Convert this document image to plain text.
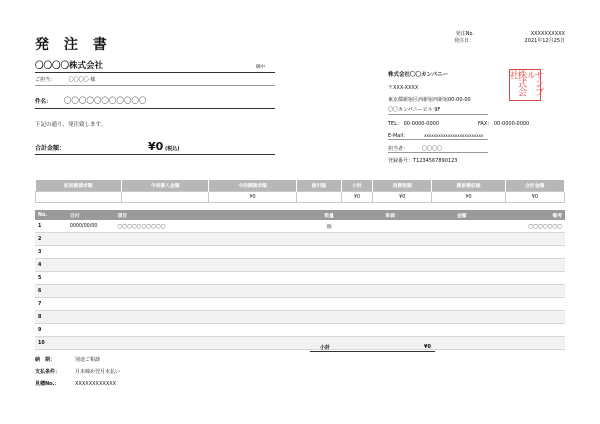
発 注 書
発注No.	XXXXXXXXXX
発注日：	2021年12月25日
〇〇〇〇株式会社	御中
ご担当：	〇〇〇〇 様
件名： 〇〇〇〇〇〇〇〇〇〇〇
下記の通り、発注致します。
合計金額：	¥0 (税込)
株式会社〇〇カンパニー
〒XXX-XXXX
東京都新宿区西新宿西新宿00-00-00
〇〇カンパニービル 9F
TEL： 00-0000-0000	FAX： 00-0000-0000
E-Mail：	xxxxxxxxxxxxxxxxxxxxxxxxx
担当者：	〇〇〇〇
登録番号：T1234567890123
サンプル
株式会社
前回御請求額	今回御入金額	今回御請求額	値引額	小計	消費税額	源泉徴収額	合計金額
		¥0		¥0	¥0	¥0	¥0
No.	日付	項目	数量	単価	金額	備考
1	0000/00/00	〇〇〇〇〇〇〇〇〇〇	個			〇〇〇〇〇〇〇
2						
3						
4						
5						
6						
7						
8						
9						
10						
小計	¥0
納　期：	別途ご相談
支払条件：	月末締め翌月末払い
見積No.：	XXXXXXXXXXXX
